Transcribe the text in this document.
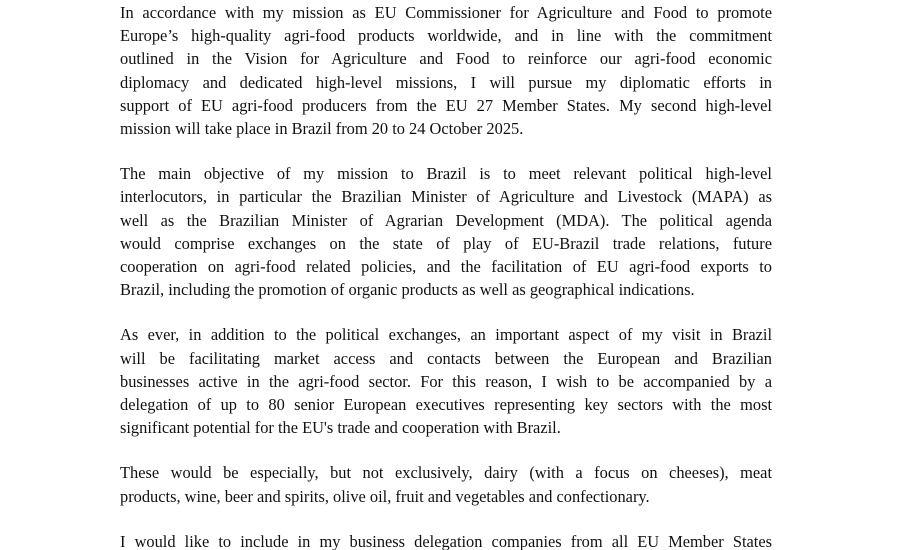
In accordance with my mission as EU Commissioner for Agriculture and Food to promote
Europe’s high-quality agri-food products worldwide, and in line with the commitment
outlined in the Vision for Agriculture and Food to reinforce our agri-food economic
diplomacy and dedicated high-level missions, I will pursue my diplomatic efforts in
support of EU agri-food producers from the EU 27 Member States. My second high-level
mission will take place in Brazil from 20 to 24 October 2025.

The main objective of my mission to Brazil is to meet relevant political high-level
interlocutors, in particular the Brazilian Minister of Agriculture and Livestock (MAPA) as
well as the Brazilian Minister of Agrarian Development (MDA). The political agenda
would comprise exchanges on the state of play of EU-Brazil trade relations, future
cooperation on agri-food related policies, and the facilitation of EU agri-food exports to
Brazil, including the promotion of organic products as well as geographical indications.

As ever, in addition to the political exchanges, an important aspect of my visit in Brazil
will be facilitating market access and contacts between the European and Brazilian
businesses active in the agri-food sector. For this reason, I wish to be accompanied by a
delegation of up to 80 senior European executives representing key sectors with the most
significant potential for the EU's trade and cooperation with Brazil.

These would be especially, but not exclusively, dairy (with a focus on cheeses), meat
products, wine, beer and spirits, olive oil, fruit and vegetables and confectionary.

I would like to include in my business delegation companies from all EU Member States
